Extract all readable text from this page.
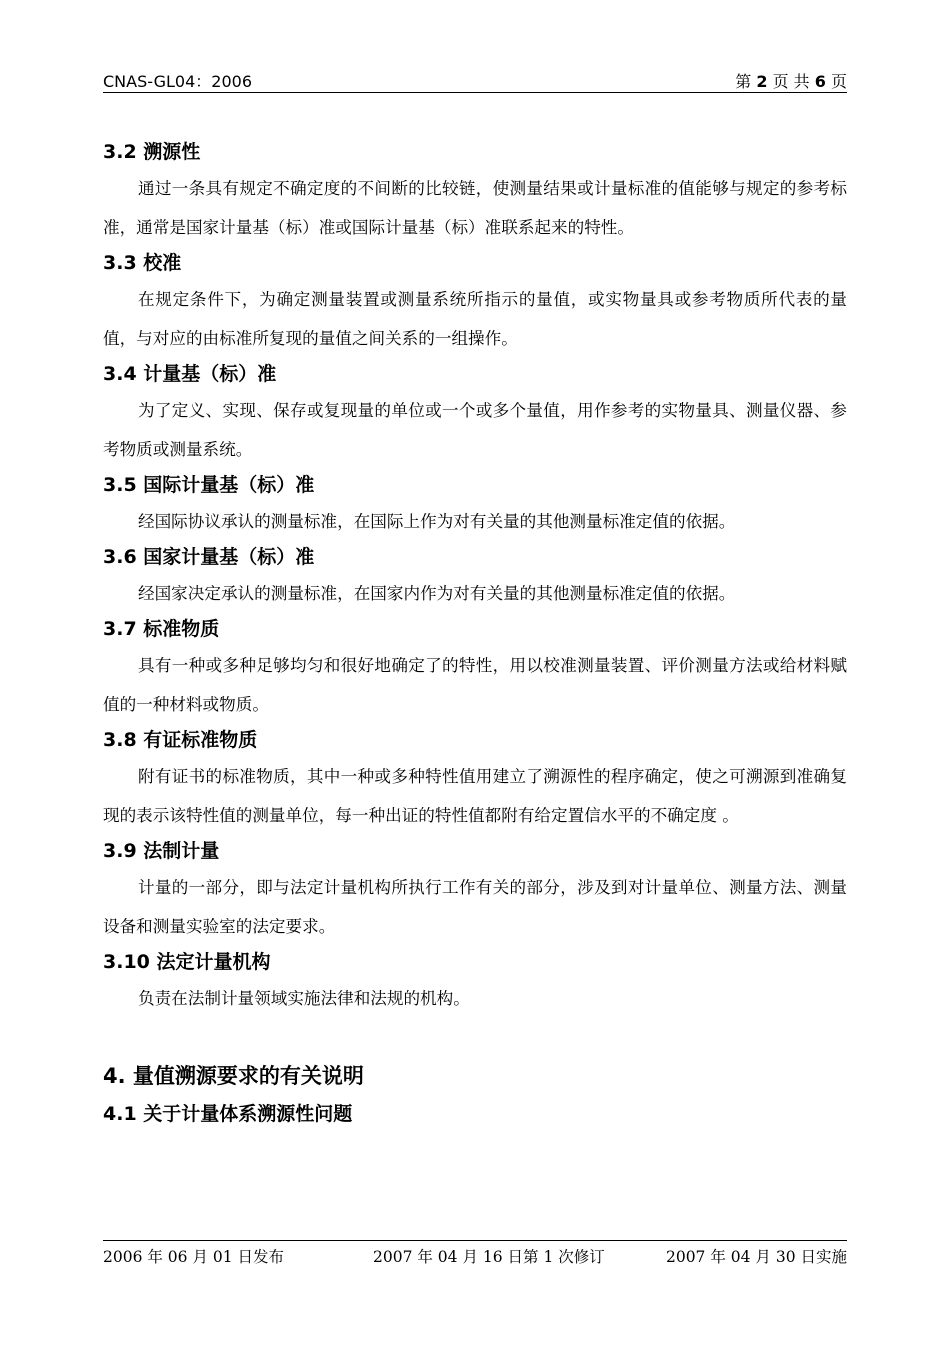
CNAS-GL04：2006	第 2 页 共 6 页
3.2 溯源性

通过一条具有规定不确定度的不间断的比较链，使测量结果或计量标准的值能够与规定的参考标准，通常是国家计量基（标）准或国际计量基（标）准联系起来的特性。

3.3 校准

在规定条件下，为确定测量装置或测量系统所指示的量值，或实物量具或参考物质所代表的量值，与对应的由标准所复现的量值之间关系的一组操作。

3.4 计量基（标）准

为了定义、实现、保存或复现量的单位或一个或多个量值，用作参考的实物量具、测量仪器、参考物质或测量系统。

3.5 国际计量基（标）准

经国际协议承认的测量标准，在国际上作为对有关量的其他测量标准定值的依据。

3.6 国家计量基（标）准

经国家决定承认的测量标准，在国家内作为对有关量的其他测量标准定值的依据。

3.7 标准物质

具有一种或多种足够均匀和很好地确定了的特性，用以校准测量装置、评价测量方法或给材料赋值的一种材料或物质。

3.8 有证标准物质

附有证书的标准物质，其中一种或多种特性值用建立了溯源性的程序确定，使之可溯源到准确复现的表示该特性值的测量单位，每一种出证的特性值都附有给定置信水平的不确定度 。

3.9 法制计量

计量的一部分，即与法定计量机构所执行工作有关的部分，涉及到对计量单位、测量方法、测量设备和测量实验室的法定要求。

3.10 法定计量机构

负责在法制计量领域实施法律和法规的机构。

4. 量值溯源要求的有关说明
4.1 关于计量体系溯源性问题
2006 年 06 月 01 日发布	2007 年 04 月 16 日第 1 次修订	2007 年 04 月 30 日实施
